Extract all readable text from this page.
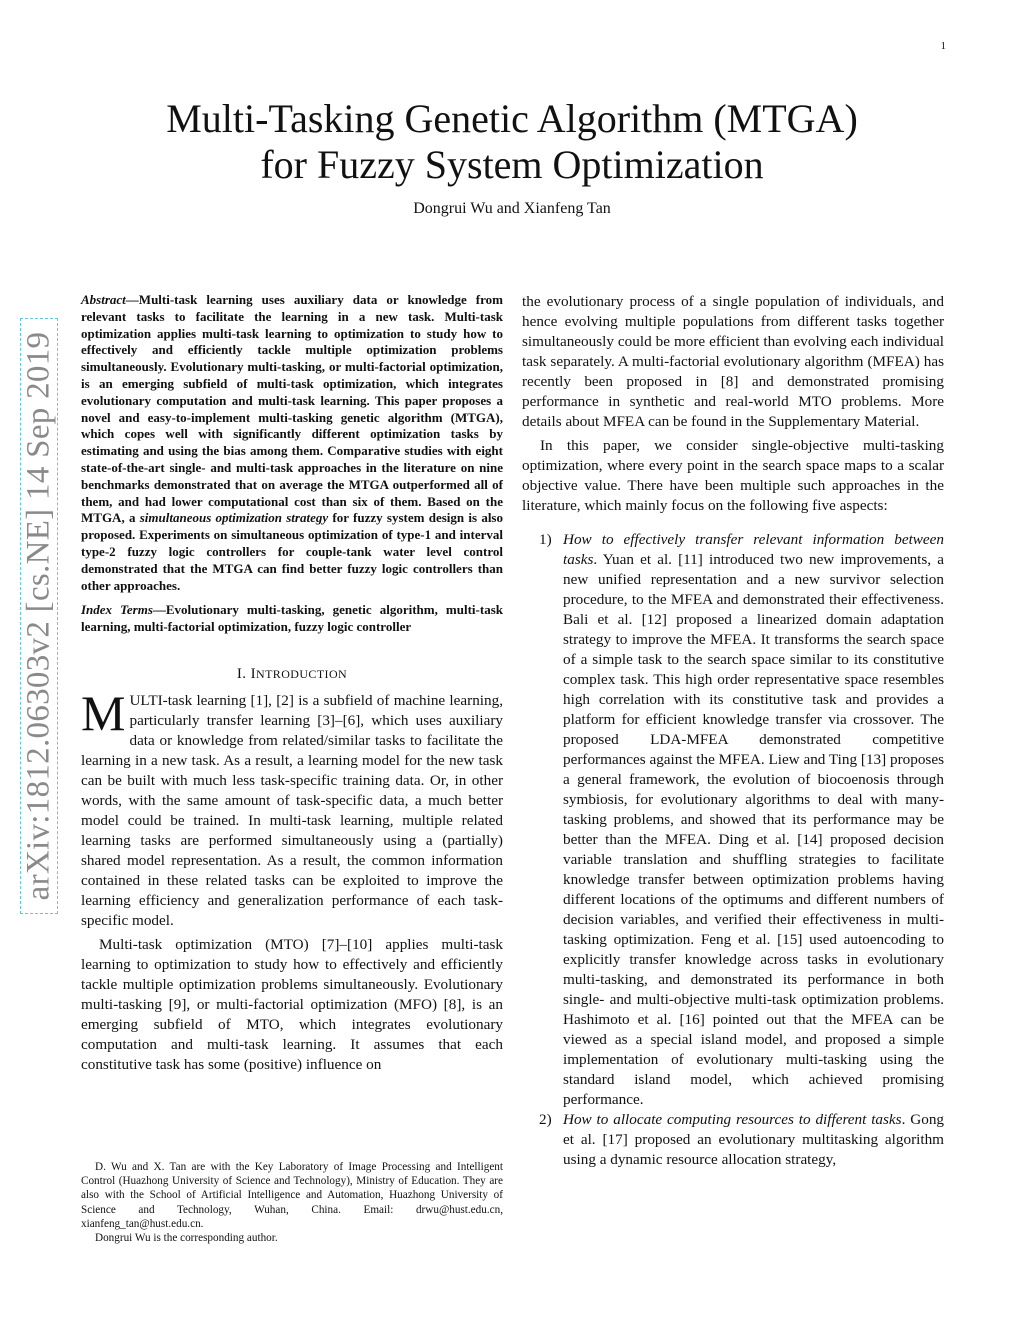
1
arXiv:1812.06303v2 [cs.NE] 14 Sep 2019
Multi-Tasking Genetic Algorithm (MTGA)
for Fuzzy System Optimization
Dongrui Wu and Xianfeng Tan

Abstract—Multi-task learning uses auxiliary data or knowledge from relevant tasks to facilitate the learning in a new task. Multi-task optimization applies multi-task learning to optimization to study how to effectively and efficiently tackle multiple optimization problems simultaneously. Evolutionary multi-tasking, or multi-factorial optimization, is an emerging subfield of multi-task optimization, which integrates evolutionary computation and multi-task learning. This paper proposes a novel and easy-to-implement multi-tasking genetic algorithm (MTGA), which copes well with significantly different optimization tasks by estimating and using the bias among them. Comparative studies with eight state-of-the-art single- and multi-task approaches in the literature on nine benchmarks demonstrated that on average the MTGA outperformed all of them, and had lower computational cost than six of them. Based on the MTGA, a simultaneous optimization strategy for fuzzy system design is also proposed. Experiments on simultaneous optimization of type-1 and interval type-2 fuzzy logic controllers for couple-tank water level control demonstrated that the MTGA can find better fuzzy logic controllers than other approaches.

Index Terms—Evolutionary multi-tasking, genetic algorithm, multi-task learning, multi-factorial optimization, fuzzy logic controller

I. INTRODUCTION

MULTI-task learning [1], [2] is a subfield of machine learning, particularly transfer learning [3]–[6], which uses auxiliary data or knowledge from related/similar tasks to facilitate the learning in a new task. As a result, a learning model for the new task can be built with much less task-specific training data. Or, in other words, with the same amount of task-specific data, a much better model could be trained. In multi-task learning, multiple related learning tasks are performed simultaneously using a (partially) shared model representation. As a result, the common information contained in these related tasks can be exploited to improve the learning efficiency and generalization performance of each task-specific model.

Multi-task optimization (MTO) [7]–[10] applies multi-task learning to optimization to study how to effectively and efficiently tackle multiple optimization problems simultaneously. Evolutionary multi-tasking [9], or multi-factorial optimization (MFO) [8], is an emerging subfield of MTO, which integrates evolutionary computation and multi-task learning. It assumes that each constitutive task has some (positive) influence on

D. Wu and X. Tan are with the Key Laboratory of Image Processing and Intelligent Control (Huazhong University of Science and Technology), Ministry of Education. They are also with the School of Artificial Intelligence and Automation, Huazhong University of Science and Technology, Wuhan, China. Email: drwu@hust.edu.cn, xianfeng_tan@hust.edu.cn.

Dongrui Wu is the corresponding author.

the evolutionary process of a single population of individuals, and hence evolving multiple populations from different tasks together simultaneously could be more efficient than evolving each individual task separately. A multi-factorial evolutionary algorithm (MFEA) has recently been proposed in [8] and demonstrated promising performance in synthetic and real-world MTO problems. More details about MFEA can be found in the Supplementary Material.

In this paper, we consider single-objective multi-tasking optimization, where every point in the search space maps to a scalar objective value. There have been multiple such approaches in the literature, which mainly focus on the following five aspects:

1) How to effectively transfer relevant information between tasks. Yuan et al. [11] introduced two new improvements, a new unified representation and a new survivor selection procedure, to the MFEA and demonstrated their effectiveness. Bali et al. [12] proposed a linearized domain adaptation strategy to improve the MFEA. It transforms the search space of a simple task to the search space similar to its constitutive complex task. This high order representative space resembles high correlation with its constitutive task and provides a platform for efficient knowledge transfer via crossover. The proposed LDA-MFEA demonstrated competitive performances against the MFEA. Liew and Ting [13] proposes a general framework, the evolution of biocoenosis through symbiosis, for evolutionary algorithms to deal with many-tasking problems, and showed that its performance may be better than the MFEA. Ding et al. [14] proposed decision variable translation and shuffling strategies to facilitate knowledge transfer between optimization problems having different locations of the optimums and different numbers of decision variables, and verified their effectiveness in multi-tasking optimization. Feng et al. [15] used autoencoding to explicitly transfer knowledge across tasks in evolutionary multi-tasking, and demonstrated its performance in both single- and multi-objective multi-task optimization problems. Hashimoto et al. [16] pointed out that the MFEA can be viewed as a special island model, and proposed a simple implementation of evolutionary multi-tasking using the standard island model, which achieved promising performance.
2) How to allocate computing resources to different tasks. Gong et al. [17] proposed an evolutionary multitasking algorithm using a dynamic resource allocation strategy,
